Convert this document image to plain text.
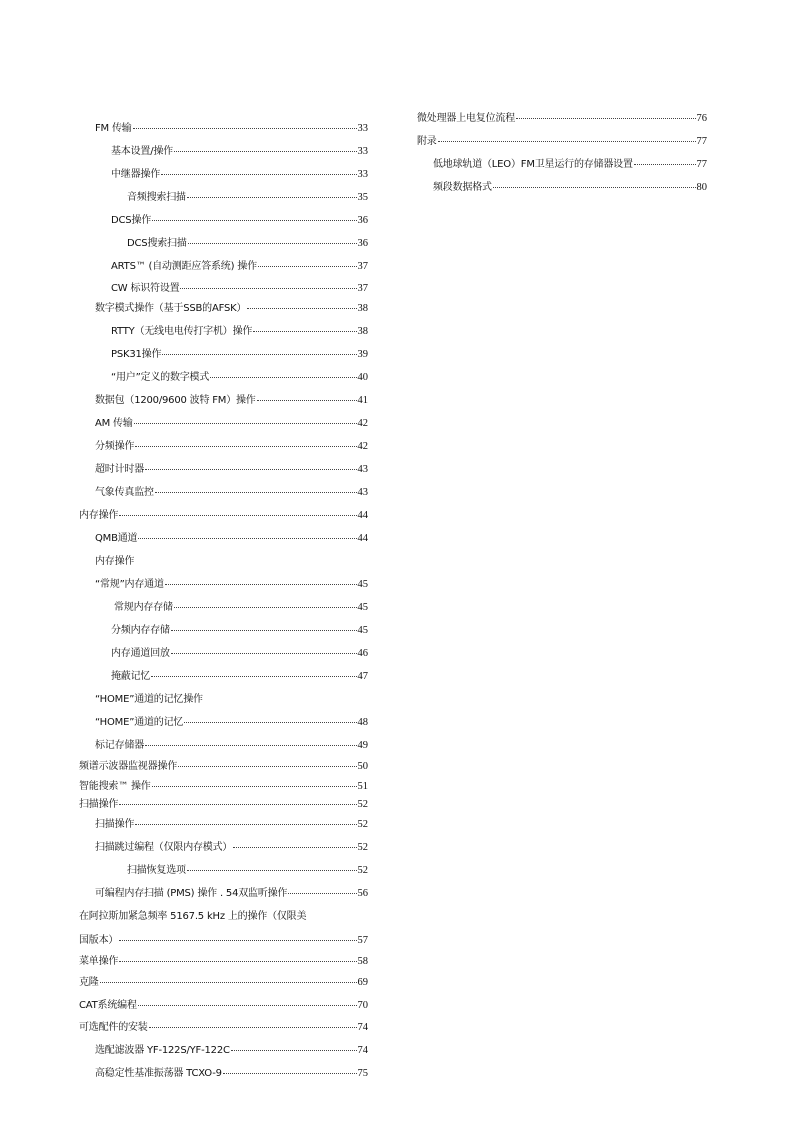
FM 传输	33
基本设置/操作	33
中继器操作	33
音频搜索扫描	35
DCS操作	36
DCS搜索扫描	36
ARTS™ (自动测距应答系统) 操作	37
CW 标识符设置	37
数字模式操作（基于SSB的AFSK）	38
RTTY（无线电电传打字机）操作	38
PSK31操作	39
“用户”定义的数字模式	40
数据包（1200/9600 波特 FM）操作	41
AM 传输	42
分频操作	42
超时计时器	43
气象传真监控	43
内存操作	44
QMB通道	44
内存操作
“常规”内存通道	45
常规内存存储	45
分频内存存储	45
内存通道回放	46
掩蔽记忆	47
“HOME”通道的记忆操作
“HOME”通道的记忆	48
标记存储器	49
频谱示波器监视器操作	50
智能搜索™ 操作	51
扫描操作	52
扫描操作	52
扫描跳过编程（仅限内存模式）	52
扫描恢复选项	52
可编程内存扫描 (PMS) 操作 . 54双监听操作	56
在阿拉斯加紧急频率 5167.5 kHz 上的操作（仅限美
国版本）	57
菜单操作	58
克隆	69
CAT系统编程	70
可选配件的安装	74
选配滤波器 YF-122S/YF-122C	74
高稳定性基准振荡器 TCXO-9	75
微处理器上电复位流程	76
附录	77
低地球轨道（LEO）FM卫星运行的存储器设置	77
频段数据格式	80
